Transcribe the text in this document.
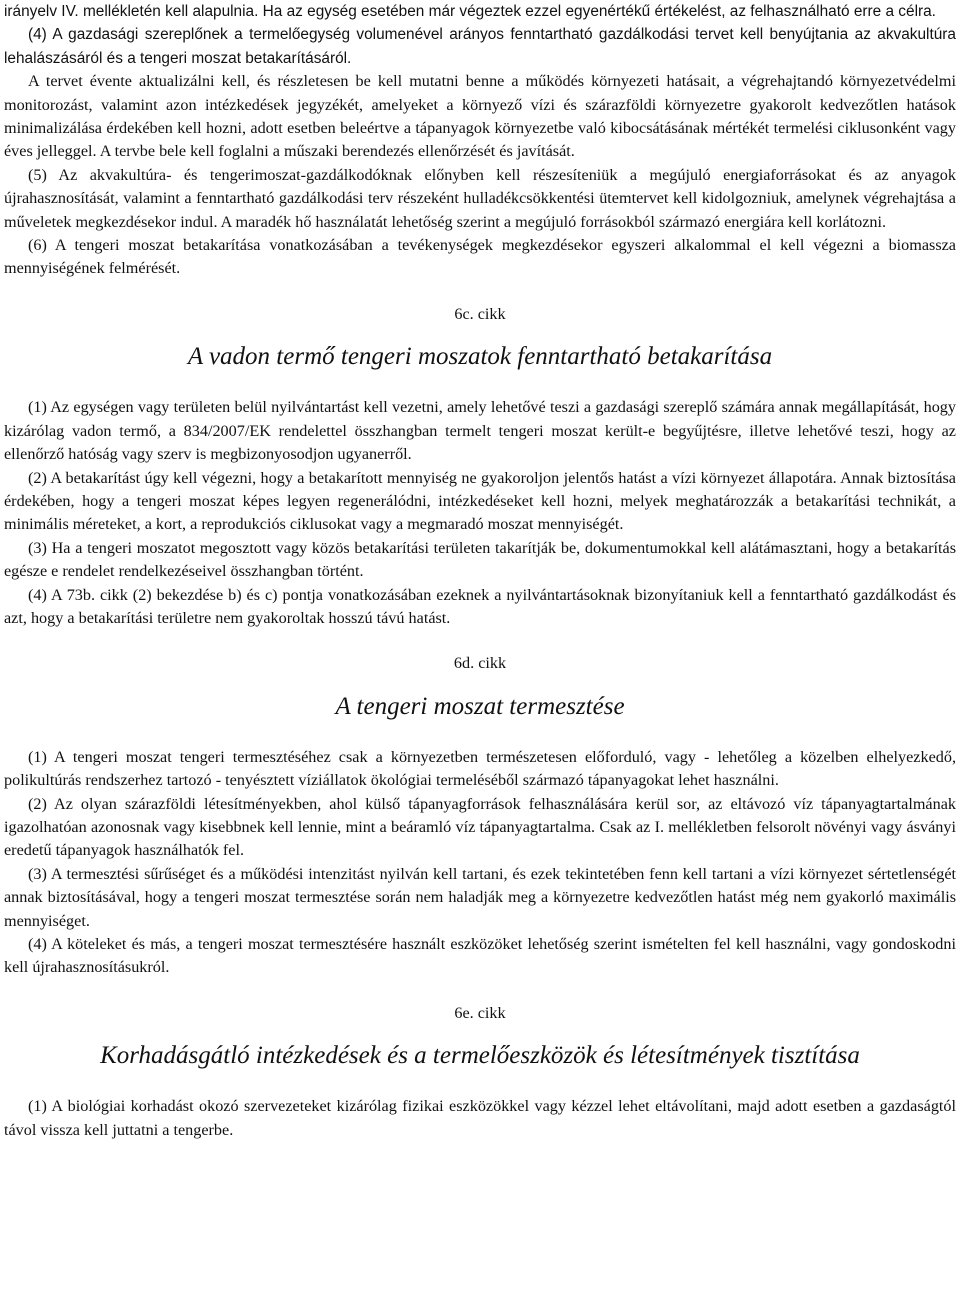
irányelv IV. mellékletén kell alapulnia. Ha az egység esetében már végeztek ezzel egyenértékű értékelést, az felhasználható erre a célra.

(4) A gazdasági szereplőnek a termelőegység volumenével arányos fenntartható gazdálkodási tervet kell benyújtania az akvakultúra lehalászásáról és a tengeri moszat betakarításáról.

A tervet évente aktualizálni kell, és részletesen be kell mutatni benne a működés környezeti hatásait, a végrehajtandó környezetvédelmi monitorozást, valamint azon intézkedések jegyzékét, amelyeket a környező vízi és szárazföldi környezetre gyakorolt kedvezőtlen hatások minimalizálása érdekében kell hozni, adott esetben beleértve a tápanyagok környezetbe való kibocsátásának mértékét termelési ciklusonként vagy éves jelleggel. A tervbe bele kell foglalni a műszaki berendezés ellenőrzését és javítását.

(5) Az akvakultúra- és tengerimoszat-gazdálkodóknak előnyben kell részesíteniük a megújuló energiaforrásokat és az anyagok újrahasznosítását, valamint a fenntartható gazdálkodási terv részeként hulladékcsökkentési ütemtervet kell kidolgozniuk, amelynek végrehajtása a műveletek megkezdésekor indul. A maradék hő használatát lehetőség szerint a megújuló forrásokból származó energiára kell korlátozni.

(6) A tengeri moszat betakarítása vonatkozásában a tevékenységek megkezdésekor egyszeri alkalommal el kell végezni a biomassza mennyiségének felmérését.

6c. cikk

A vadon termő tengeri moszatok fenntartható betakarítása

(1) Az egységen vagy területen belül nyilvántartást kell vezetni, amely lehetővé teszi a gazdasági szereplő számára annak megállapítását, hogy kizárólag vadon termő, a 834/2007/EK rendelettel összhangban termelt tengeri moszat került-e begyűjtésre, illetve lehetővé teszi, hogy az ellenőrző hatóság vagy szerv is megbizonyosodjon ugyanerről.

(2) A betakarítást úgy kell végezni, hogy a betakarított mennyiség ne gyakoroljon jelentős hatást a vízi környezet állapotára. Annak biztosítása érdekében, hogy a tengeri moszat képes legyen regenerálódni, intézkedéseket kell hozni, melyek meghatározzák a betakarítási technikát, a minimális méreteket, a kort, a reprodukciós ciklusokat vagy a megmaradó moszat mennyiségét.

(3) Ha a tengeri moszatot megosztott vagy közös betakarítási területen takarítják be, dokumentumokkal kell alátámasztani, hogy a betakarítás egésze e rendelet rendelkezéseivel összhangban történt.

(4) A 73b. cikk (2) bekezdése b) és c) pontja vonatkozásában ezeknek a nyilvántartásoknak bizonyítaniuk kell a fenntartható gazdálkodást és azt, hogy a betakarítási területre nem gyakoroltak hosszú távú hatást.

6d. cikk

A tengeri moszat termesztése

(1) A tengeri moszat tengeri termesztéséhez csak a környezetben természetesen előforduló, vagy - lehetőleg a közelben elhelyezkedő, polikultúrás rendszerhez tartozó - tenyésztett víziállatok ökológiai termeléséből származó tápanyagokat lehet használni.

(2) Az olyan szárazföldi létesítményekben, ahol külső tápanyagforrások felhasználására kerül sor, az eltávozó víz tápanyagtartalmának igazolhatóan azonosnak vagy kisebbnek kell lennie, mint a beáramló víz tápanyagtartalma. Csak az I. mellékletben felsorolt növényi vagy ásványi eredetű tápanyagok használhatók fel.

(3) A termesztési sűrűséget és a működési intenzitást nyilván kell tartani, és ezek tekintetében fenn kell tartani a vízi környezet sértetlenségét annak biztosításával, hogy a tengeri moszat termesztése során nem haladják meg a környezetre kedvezőtlen hatást még nem gyakorló maximális mennyiséget.

(4) A köteleket és más, a tengeri moszat termesztésére használt eszközöket lehetőség szerint ismételten fel kell használni, vagy gondoskodni kell újrahasznosításukról.

6e. cikk

Korhadásgátló intézkedések és a termelőeszközök és létesítmények tisztítása

(1) A biológiai korhadást okozó szervezeteket kizárólag fizikai eszközökkel vagy kézzel lehet eltávolítani, majd adott esetben a gazdaságtól távol vissza kell juttatni a tengerbe.
